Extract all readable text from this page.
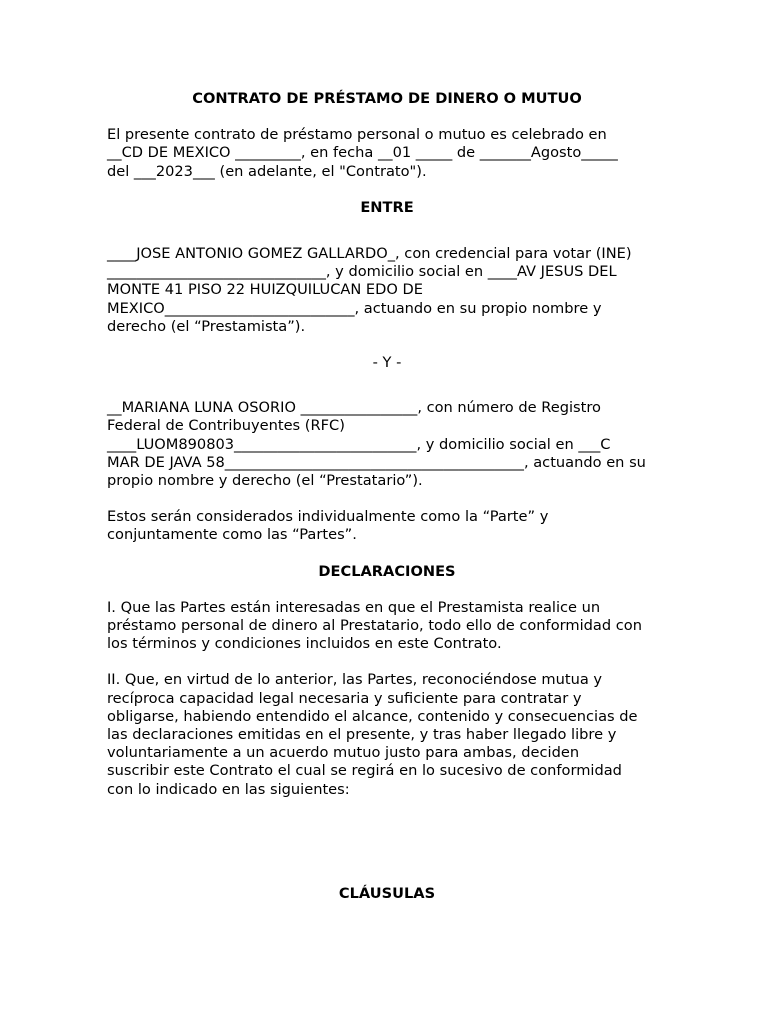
CONTRATO DE PRÉSTAMO DE DINERO O MUTUO

El presente contrato de préstamo personal o mutuo es celebrado en
__CD DE MEXICO _________, en fecha __01 _____ de _______Agosto_____
del ___2023___ (en adelante, el "Contrato").

ENTRE

____JOSE ANTONIO GOMEZ GALLARDO_, con credencial para votar (INE)
______________________________, y domicilio social en ____AV JESUS DEL
MONTE 41 PISO 22 HUIZQUILUCAN EDO DE
MEXICO__________________________, actuando en su propio nombre y
derecho (el “Prestamista”).

- Y -

__MARIANA LUNA OSORIO ________________, con número de Registro
Federal de Contribuyentes (RFC)
____LUOM890803_________________________, y domicilio social en ___C
MAR DE JAVA 58_________________________________________, actuando en su
propio nombre y derecho (el “Prestatario”).

Estos serán considerados individualmente como la “Parte” y
conjuntamente como las “Partes”.

DECLARACIONES

I. Que las Partes están interesadas en que el Prestamista realice un
préstamo personal de dinero al Prestatario, todo ello de conformidad con
los términos y condiciones incluidos en este Contrato.

II. Que, en virtud de lo anterior, las Partes, reconociéndose mutua y
recíproca capacidad legal necesaria y suficiente para contratar y
obligarse, habiendo entendido el alcance, contenido y consecuencias de
las declaraciones emitidas en el presente, y tras haber llegado libre y
voluntariamente a un acuerdo mutuo justo para ambas, deciden
suscribir este Contrato el cual se regirá en lo sucesivo de conformidad
con lo indicado en las siguientes:

CLÁUSULAS
